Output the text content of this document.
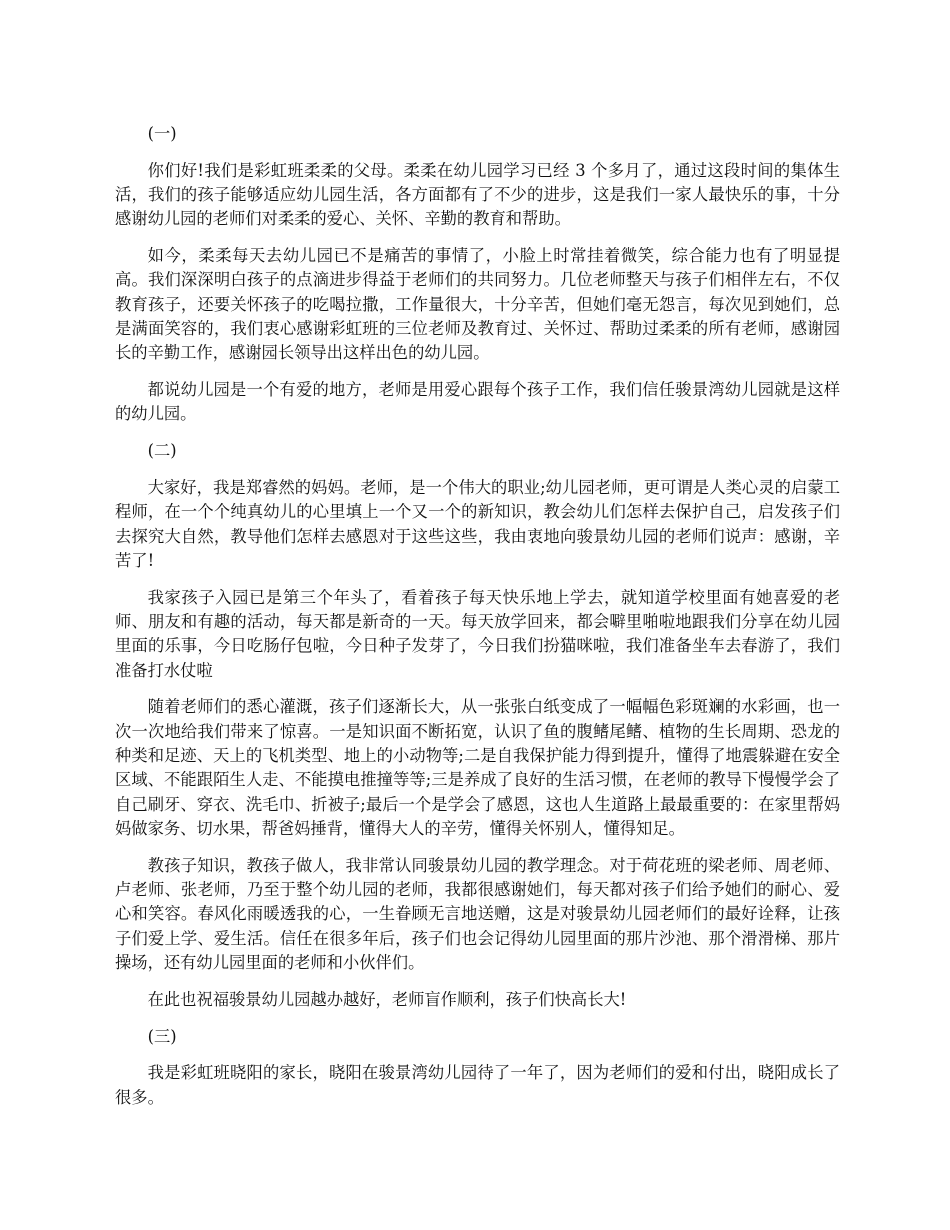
(一)

你们好!我们是彩虹班柔柔的父母。柔柔在幼儿园学习已经 3 个多月了，通过这段时间的集体生活，我们的孩子能够适应幼儿园生活，各方面都有了不少的进步，这是我们一家人最快乐的事，十分感谢幼儿园的老师们对柔柔的爱心、关怀、辛勤的教育和帮助。

如今，柔柔每天去幼儿园已不是痛苦的事情了，小脸上时常挂着微笑，综合能力也有了明显提高。我们深深明白孩子的点滴进步得益于老师们的共同努力。几位老师整天与孩子们相伴左右，不仅教育孩子，还要关怀孩子的吃喝拉撒，工作量很大，十分辛苦，但她们毫无怨言，每次见到她们，总是满面笑容的，我们衷心感谢彩虹班的三位老师及教育过、关怀过、帮助过柔柔的所有老师，感谢园长的辛勤工作，感谢园长领导出这样出色的幼儿园。

都说幼儿园是一个有爱的地方，老师是用爱心跟每个孩子工作，我们信任骏景湾幼儿园就是这样的幼儿园。

(二)

大家好，我是郑睿然的妈妈。老师，是一个伟大的职业;幼儿园老师，更可谓是人类心灵的启蒙工程师，在一个个纯真幼儿的心里填上一个又一个的新知识，教会幼儿们怎样去保护自己，启发孩子们去探究大自然，教导他们怎样去感恩对于这些这些，我由衷地向骏景幼儿园的老师们说声：感谢，辛苦了!

我家孩子入园已是第三个年头了，看着孩子每天快乐地上学去，就知道学校里面有她喜爱的老师、朋友和有趣的活动，每天都是新奇的一天。每天放学回来，都会噼里啪啦地跟我们分享在幼儿园里面的乐事，今日吃肠仔包啦，今日种子发芽了，今日我们扮猫咪啦，我们准备坐车去春游了，我们准备打水仗啦

随着老师们的悉心灌溉，孩子们逐渐长大，从一张张白纸变成了一幅幅色彩斑斓的水彩画，也一次一次地给我们带来了惊喜。一是知识面不断拓宽，认识了鱼的腹鳍尾鳍、植物的生长周期、恐龙的种类和足迹、天上的飞机类型、地上的小动物等;二是自我保护能力得到提升，懂得了地震躲避在安全区域、不能跟陌生人走、不能摸电推撞等等;三是养成了良好的生活习惯，在老师的教导下慢慢学会了自己刷牙、穿衣、洗毛巾、折被子;最后一个是学会了感恩，这也人生道路上最最重要的：在家里帮妈妈做家务、切水果，帮爸妈捶背，懂得大人的辛劳，懂得关怀别人，懂得知足。

教孩子知识，教孩子做人，我非常认同骏景幼儿园的教学理念。对于荷花班的梁老师、周老师、卢老师、张老师，乃至于整个幼儿园的老师，我都很感谢她们，每天都对孩子们给予她们的耐心、爱心和笑容。春风化雨暖透我的心，一生眷顾无言地送赠，这是对骏景幼儿园老师们的最好诠释，让孩子们爱上学、爱生活。信任在很多年后，孩子们也会记得幼儿园里面的那片沙池、那个滑滑梯、那片操场，还有幼儿园里面的老师和小伙伴们。

在此也祝福骏景幼儿园越办越好，老师盲作顺利，孩子们快高长大!

(三)

我是彩虹班晓阳的家长，晓阳在骏景湾幼儿园待了一年了，因为老师们的爱和付出，晓阳成长了很多。
